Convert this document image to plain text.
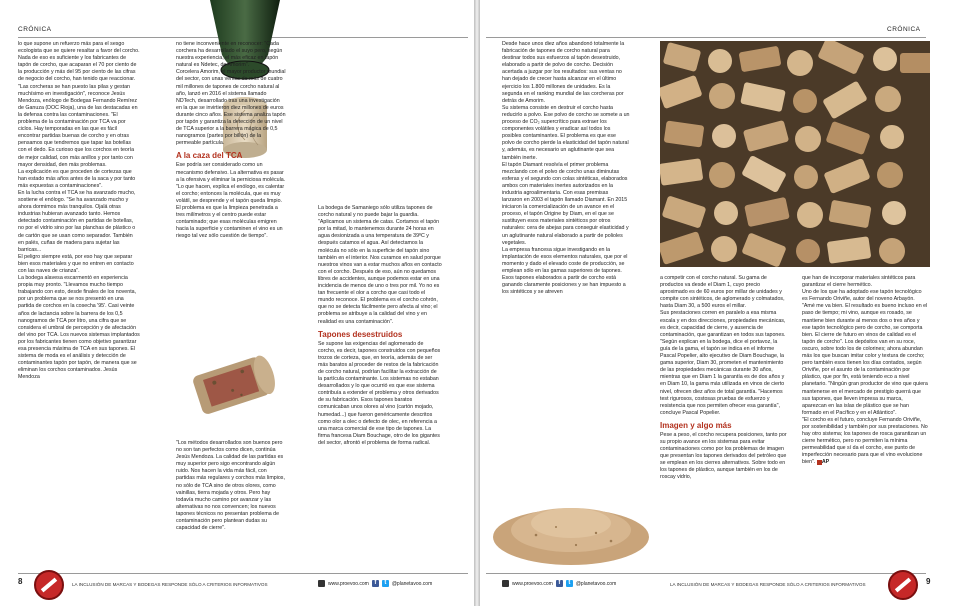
CRÓNICA

lo que supone un refuerzo más para el sesgo ecologista que se quiere resaltar a favor del corcho. Nada de eso es suficiente y los fabricantes de tapón de corcho, que acaparan el 70 por ciento de la producción y más del 95 por ciento de las cifras de negocio del corcho, han tenido que reaccionar.

"Las corcheras se han puesto las pilas y gestan muchísimo en investigación", reconoce Jesús Mendoza, enólogo de Bodegas Fernando Remírez de Ganuza (DOC Rioja), una de las destacadas en la defensa contra las contaminaciones. "El problema de la contaminación por TCA va por ciclos. Hay temporadas en las que es fácil encontrar partidas buenas de corcho y en otras pensamos que tendremos que tapar las botellas con el dedo. Es curioso que los corchos en teoría de mejor calidad, con más anillos y por tanto con mayor densidad, den más problemas.

La explicación es que proceden de cortezas que han estado más años antes de la saca y por tanto más expuestas a contaminaciones".

En la lucha contra el TCA se ha avanzado mucho, sostiene el enólogo. "Se ha avanzado mucho y ahora dormimos más tranquilos. Ojalá otras industrias hubieran avanzado tanto. Hemos detectado contaminación en partidas de botellas, no por el vidrio sino por las planchas de plástico o de cartón que se usan como separador. También en palés, cuñas de madera para sujetar las barricas...

El peligro siempre está, por eso hay que separar bien esos materiales y que no entren en contacto con las naves de crianza".

La bodega alavesa escarmentó en experiencia propia muy pronto. "Llevamos mucho tiempo trabajando con esto, desde finales de los noventa, por un problema que se nos presentó en una partida de corchos en la cosecha '95'. Casi veinte años de lactancia sobre la barrera de los 0,5 nanogramos de TCA por litro, una cifra que se considera el umbral de percepción y de afectación del vino por TCA. Los nuevos sistemas implantados por los fabricantes tienen como objetivo garantizar esa presencia máxima de TCA en sus tapones. El sistema de moda es el análisis y detección de contaminantes tapón por tapón, de manera que se eliminan los corchos contaminados. Jesús Mendoza

no tiene inconveniente en reconocer: "Cada corchera ha desarrollado el suyo pero, según nuestra experiencia, el más eficaz en tapón natural es Ndetec, de Amorim".

Corcelera Amorim, el mayor productor mundial del sector, con unas ventas de más de cuatro mil millones de tapones de corcho natural al año, lanzó en 2016 el sistema llamado NDTech, desarrollado tras una investigación en la que se invirtieron diez millones de euros durante cinco años. Ese sistema analiza tapón por tapón y garantiza la detección de un nivel de TCA superior a la barrera mágica de 0,5 nanogramos (partes por billón) de la permeable partícula.

A la caza del TCA

Ese podría ser considerado como un mecanismo defensivo. La alternativa es pasar a la ofensiva y eliminar la perniciosa molécula. "Lo que hacen, explica el enólogo, es calentar el corcho; entonces la molécula, que es muy volátil, se desprende y el tapón queda limpio. El problema es que la limpieza penetrada a tres milímetros y el centro puede estar contaminado; que esas moléculas emigren hacia la superficie y contaminen el vino es un riesgo tal vez sólo cuestión de tiempo".

"Los métodos desarrollados son buenos pero no son tan perfectos como dicen, continúa Jesús Mendoza. La calidad de las partidas es muy superior pero sigo encontrando algún ruido. Nos hacen la vida más fácil, con partidas más regulares y corchos más limpios, no sólo de TCA sino de otros olores, como vainillas, tierra mojada y otros. Pero hay todavía mucho camino por avanzar y las alternativas no nos convencen; los nuevos tapones técnicos no presentan problema de contaminación pero plantean dudas su capacidad de cierre".

La bodega de Samaniego sólo utiliza tapones de corcho natural y no puede bajar la guardia. "Aplicamos un sistema de catas. Cortamos el tapón por la mitad, lo mantenemos durante 24 horas en agua desionizada a una temperatura de 39ºC y después catamos el agua. Así detectamos la molécula no sólo en la superficie del tapón sino también en el interior. Nos curamos en salud porque nuestros vinos van a estar muchos años en contacto con el corcho. Después de eso, aún no quedamos libres de accidentes, aunque podemos estar en una incidencia de menos de uno o tres por mil. Yo no es tan frecuente el olor a corcho que casi todo el mundo reconoce. El problema es el corcho cohrón, que no se detecta fácilmente pero afecta al vino; el problema se atribuye a la calidad del vino y en realidad es una contaminación".

Tapones desestruidos

Se supone las exigencias del aglomerado de corcho, es decir, tapones construidos con pequeños trozos de corteza, que, en teoría, además de ser más baratos al proceder de restos de la fabricación de corcho natural, podrían facilitar la extracción de la partícula contaminante. Los sistemas no estaban desarrollados y lo que ocurrió es que ese sistema contribuía a extender el problema y otros derivados de su fabricación. Esos tapones baratos comunicaban unos olores al vino (cartón mojado, humedad...) que fueron genéricamente descritos como olor a olec o defecto de olec, en referencia a una marca comercial de ese tipo de tapones. La firma francesa Diam Bouchage, otro de los gigantes del sector, afrontó el problema de forma radical.

8	LA INCLUSIÓN DE MARCAS Y BODEGAS RESPONDE SÓLO A CRITERIOS INFORMATIVOS	www.proevoo.com f	t	@planetavoo.com
CRÓNICA

Desde hace unos diez años abandonó totalmente la fabricación de tapones de corcho natural para destinar todos sus esfuerzos al tapón desestruido, elaborado a partir de polvo de corcho. Decisión acertada a juzgar por los resultados: sus ventas no han dejado de crecer hasta alcanzar en el último ejercicio los 1.800 millones de unidades. Es la segunda en el ranking mundial de las corcheras por detrás de Amorim.

Su sistema consiste en destruir el corcho hasta reducirlo a polvo. Ese polvo de corcho se somete a un proceso de CO₂ supercrítico para extraer los componentes volátiles y eradicar así todos los posibles contaminantes. El problema es que ese polvo de corcho pierde la elasticidad del tapón natural y, además, es necesario un aglutinante que sea también inerte.

El tapón Diamant resolvía el primer problema mezclando con el polvo de corcho unas diminutas esferas y el segundo con colas sintéticas, elaborados ambos con materiales inertes autorizados en la industria agroalimentaria. Con esas premisas lanzaron en 2003 el tapón llamado Diamant. En 2015 iniciaron la comercialización de un avance en el proceso, el tapón Origine by Diam, en el que se sustituyen esos materiales sintéticos por otros naturales: cera de abejas para conseguir elasticidad y un aglutinante natural elaborado a partir de polioles vegetales.

La empresa francesa sigue investigando en la implantación de esos elementos naturales, que por el momento y dado el elevado coste de producción, se emplean sólo en las gamas superiores de tapones. Esos tapones elaborados a partir de corcho está ganando claramente posiciones y se han impuesto a los sintéticos y se atreven

a competir con el corcho natural. Su gama de productos va desde el Diam 1, cuyo precio aproximado es de 60 euros por millar de unidades y compite con sintéticos, de aglomerado y colmatados, hasta Diam 30, a 500 euros el millar.

Sus prestaciones corren en paralelo a esa misma escala y en dos direcciones, propiedades mecánicas, es decir, capacidad de cierre, y ausencia de contaminación, que garantizan en todos sus tapones. "Según explican en la bodega, dice el portavoz, la guía de la gama, el tapón se indica en el informe Pascal Popelier, alto ejecutivo de Diam Bouchage, la gama superior, Diam 30, prometen el mantenimiento de las propiedades mecánicas durante 30 años, mientras que en Diam 1 la garantía es de dos años y en Diam 10, la gama más utilizada en vinos de cierto nivel, ofrecen diez años de total garantía. "Hacemos test rigurosos, costosas pruebas de esfuerzo y resistencia que nos permiten ofrecer esa garantía", concluye Pascal Popelier.

Imagen y algo más

Pese a peso, el corcho recupera posiciones, tanto por su propio avance en los sistemas para evitar contaminaciones como por los problemas de imagen que presentan los tapones derivados del petróleo que se emplean en los cierres alternativos. Sobre todo en los tapones de plástico, aunque también en los de roscay vidrio,

que han de incorporar materiales sintéticos para garantizar el cierre hermético.

Uno de los que ha adoptado ese tapón tecnológico es Fernando Oriviñe, autor del noveno Arbayón. "Amé me va bien. El resultado es bueno incluso en el paso de tiempo; mi vino, aunque es rosado, se mantiene bien durante al menos dos o tres años y ese tapón tecnológico pero de corcho, se comporta bien. El cierre de futuro en vinos de calidad es el tapón de corcho". Los depósitos van en su roce, oscuro, sobre todo los de colorines; ahora abundan más los que buscan imitar color y textura de corcho; pero también esos tienen los días contados, según Oriviñe, por el asunto de la contaminación por plástico, que por fin, está teniendo eco a nivel planetario. "Ningún gran productor de vino que quiera mantenerse en el mercado de prestigio querrá que sus tapones, que lleven impresa su marca, aparezcan en las islas de plástico que se han formado en el Pacífico y en el Atlántico".

"El corcho es el futuro, concluye Fernando Oriviñe, por sostenibilidad y también por sus prestaciones. No hay otro sistema; los tapones de rosca garantizan un cierre hermético, pero no permiten la mínima permeabilidad que sí da el corcho, ese punto de imperfección necesario para que el vino evolucione bien". AP

www.proevoo.com f	t	@planetavoo.com	LA INCLUSIÓN DE MARCAS Y BODEGAS RESPONDE SÓLO A CRITERIOS INFORMATIVOS	9
